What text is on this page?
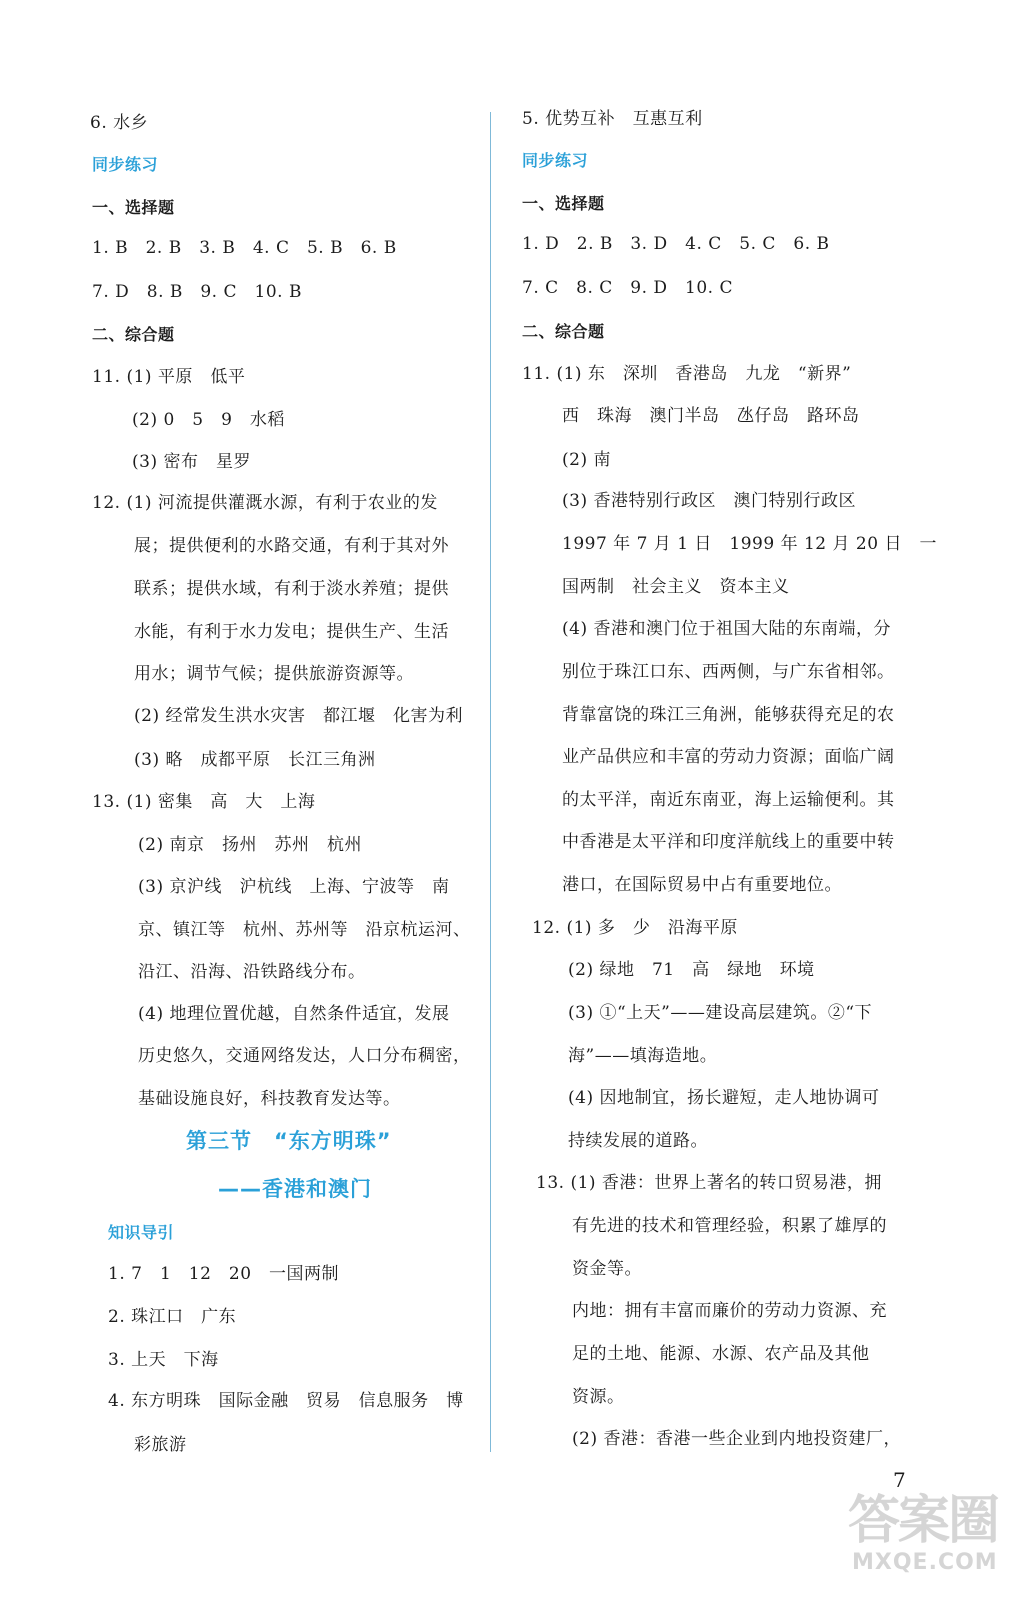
6. 水乡
同步练习
一、选择题
1. B　2. B　3. B　4. C　5. B　6. B
7. D　8. B　9. C　10. B
二、综合题
11. (1) 平原　低平
(2) 0　5　9　水稻
(3) 密布　星罗
12. (1) 河流提供灌溉水源，有利于农业的发
展；提供便利的水路交通，有利于其对外
联系；提供水域，有利于淡水养殖；提供
水能，有利于水力发电；提供生产、生活
用水；调节气候；提供旅游资源等。
(2) 经常发生洪水灾害　都江堰　化害为利
(3) 略　成都平原　长江三角洲
13. (1) 密集　高　大　上海
(2) 南京　扬州　苏州　杭州
(3) 京沪线　沪杭线　上海、宁波等　南
京、镇江等　杭州、苏州等　沿京杭运河、
沿江、沿海、沿铁路线分布。
(4) 地理位置优越，自然条件适宜，发展
历史悠久，交通网络发达，人口分布稠密，
基础设施良好，科技教育发达等。
第三节　“东方明珠”
——香港和澳门
知识导引
1. 7　1　12　20　一国两制
2. 珠江口　广东
3. 上天　下海
4. 东方明珠　国际金融　贸易　信息服务　博
彩旅游
5. 优势互补　互惠互利
同步练习
一、选择题
1. D　2. B　3. D　4. C　5. C　6. B
7. C　8. C　9. D　10. C
二、综合题
11. (1) 东　深圳　香港岛　九龙　“新界”
西　珠海　澳门半岛　氹仔岛　路环岛
(2) 南
(3) 香港特别行政区　澳门特别行政区
1997 年 7 月 1 日　1999 年 12 月 20 日　一
国两制　社会主义　资本主义
(4) 香港和澳门位于祖国大陆的东南端，分
别位于珠江口东、西两侧，与广东省相邻。
背靠富饶的珠江三角洲，能够获得充足的农
业产品供应和丰富的劳动力资源；面临广阔
的太平洋，南近东南亚，海上运输便利。其
中香港是太平洋和印度洋航线上的重要中转
港口，在国际贸易中占有重要地位。
12. (1) 多　少　沿海平原
(2) 绿地　71　高　绿地　环境
(3) ①“上天”——建设高层建筑。②“下
海”——填海造地。
(4) 因地制宜，扬长避短，走人地协调可
持续发展的道路。
13. (1) 香港：世界上著名的转口贸易港，拥
有先进的技术和管理经验，积累了雄厚的
资金等。
内地：拥有丰富而廉价的劳动力资源、充
足的土地、能源、水源、农产品及其他
资源。
(2) 香港：香港一些企业到内地投资建厂，
7
答案圈
MXQE.COM
